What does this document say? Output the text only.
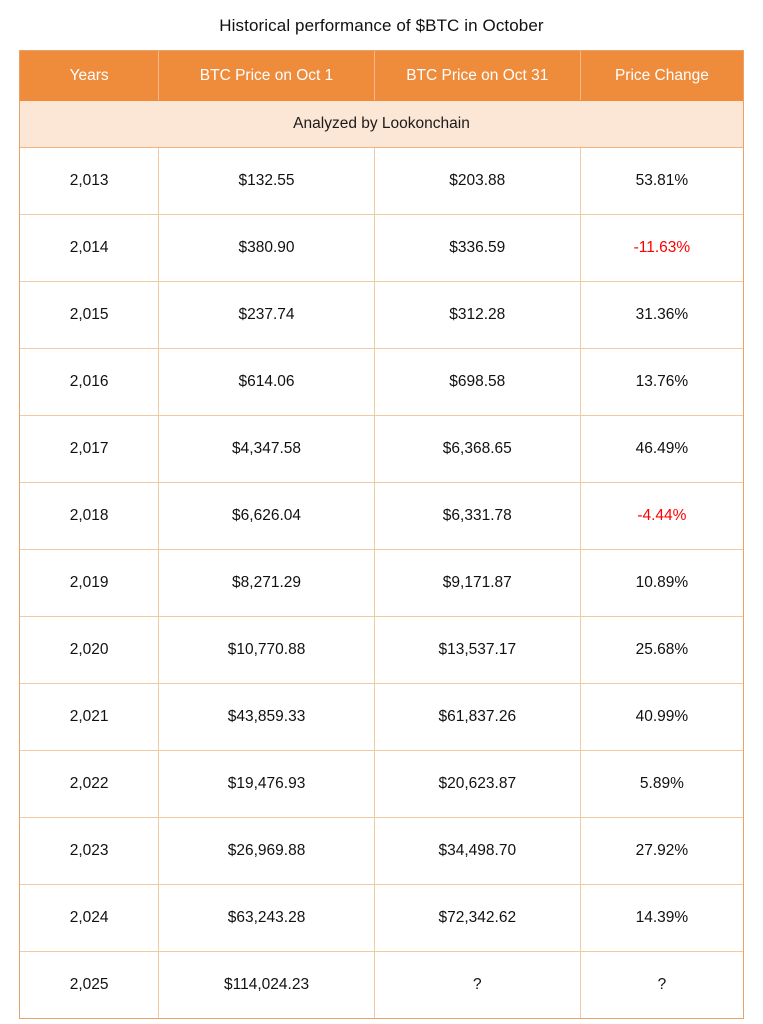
Historical performance of $BTC in October
Years	BTC Price on Oct 1	BTC Price on Oct 31	Price Change
Analyzed by Lookonchain			
2,013	$132.55	$203.88	53.81%
2,014	$380.90	$336.59	-11.63%
2,015	$237.74	$312.28	31.36%
2,016	$614.06	$698.58	13.76%
2,017	$4,347.58	$6,368.65	46.49%
2,018	$6,626.04	$6,331.78	-4.44%
2,019	$8,271.29	$9,171.87	10.89%
2,020	$10,770.88	$13,537.17	25.68%
2,021	$43,859.33	$61,837.26	40.99%
2,022	$19,476.93	$20,623.87	5.89%
2,023	$26,969.88	$34,498.70	27.92%
2,024	$63,243.28	$72,342.62	14.39%
2,025	$114,024.23	?	?
